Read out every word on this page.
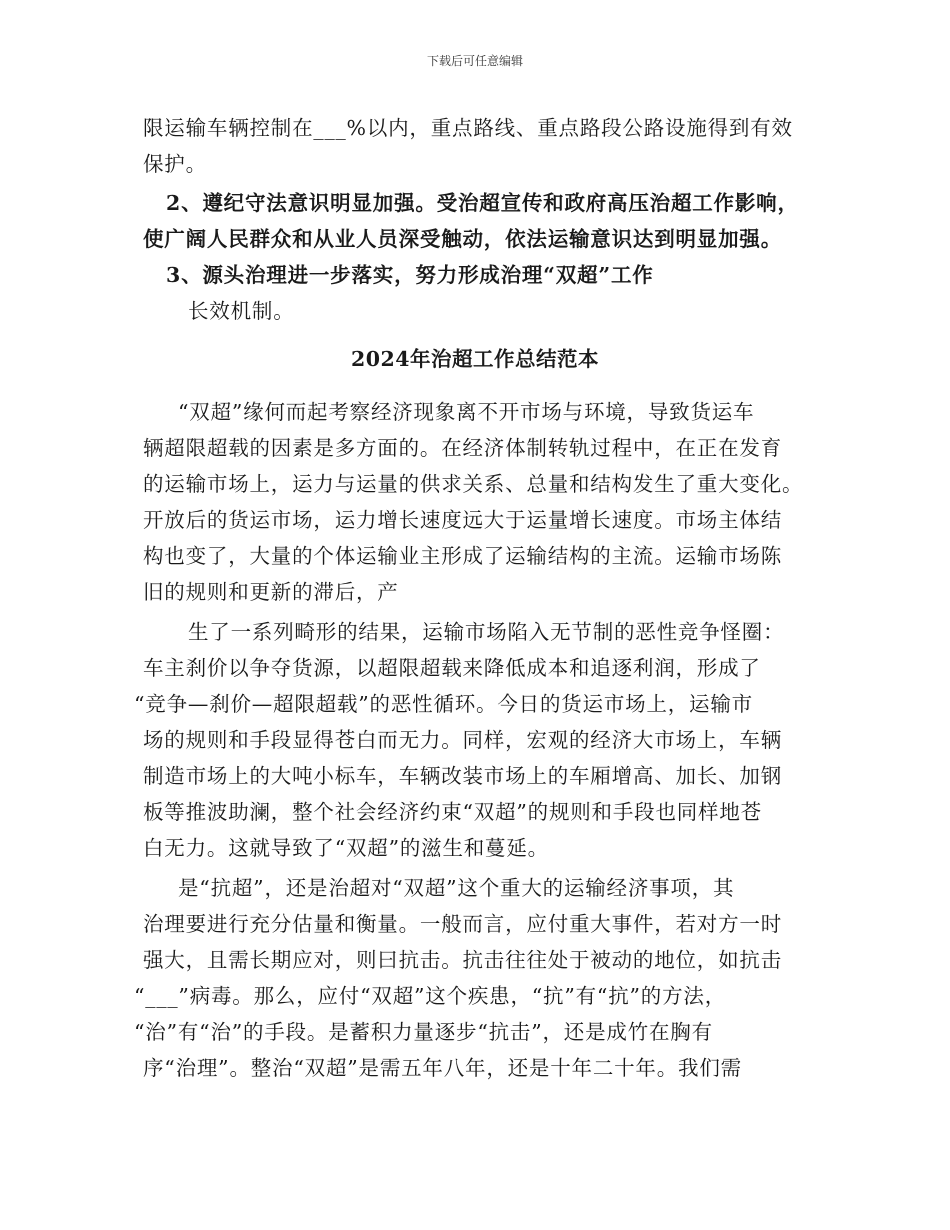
下载后可任意编辑
限运输车辆控制在___%以内，重点路线、重点路段公路设施得到有效
保护。
2、遵纪守法意识明显加强。受治超宣传和政府高压治超工作影响，
使广阔人民群众和从业人员深受触动，依法运输意识达到明显加强。
3、源头治理进一步落实，努力形成治理“双超”工作
长效机制。
2024年治超工作总结范本
“双超”缘何而起考察经济现象离不开市场与环境，导致货运车
辆超限超载的因素是多方面的。在经济体制转轨过程中，在正在发育
的运输市场上，运力与运量的供求关系、总量和结构发生了重大变化。
开放后的货运市场，运力增长速度远大于运量增长速度。市场主体结
构也变了，大量的个体运输业主形成了运输结构的主流。运输市场陈
旧的规则和更新的滞后，产
生了一系列畸形的结果，运输市场陷入无节制的恶性竞争怪圈：
车主刹价以争夺货源，以超限超载来降低成本和追逐利润，形成了
“竞争—刹价—超限超载”的恶性循环。今日的货运市场上，运输市
场的规则和手段显得苍白而无力。同样，宏观的经济大市场上，车辆
制造市场上的大吨小标车，车辆改装市场上的车厢增高、加长、加钢
板等推波助澜，整个社会经济约束“双超”的规则和手段也同样地苍
白无力。这就导致了“双超”的滋生和蔓延。
是“抗超”，还是治超对“双超”这个重大的运输经济事项，其
治理要进行充分估量和衡量。一般而言，应付重大事件，若对方一时
强大，且需长期应对，则曰抗击。抗击往往处于被动的地位，如抗击
“___”病毒。那么，应付“双超”这个疾患，“抗”有“抗”的方法，
“治”有“治”的手段。是蓄积力量逐步“抗击”，还是成竹在胸有
序“治理”。整治“双超”是需五年八年，还是十年二十年。我们需
